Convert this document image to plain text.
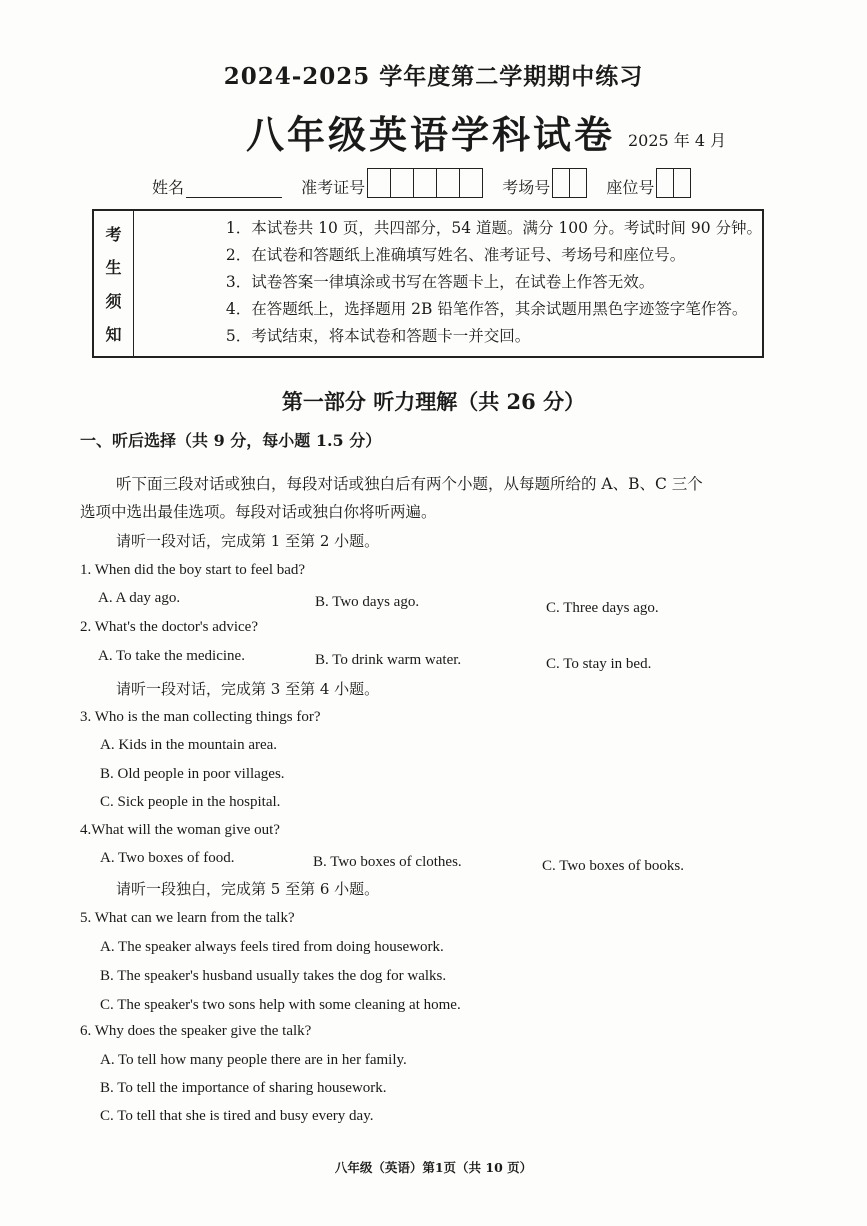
2024-2025 学年度第二学期期中练习
八年级英语学科试卷 2025 年 4 月
姓名
	准考证号
	考场号
	座位号
考
生
须
知
1．本试卷共 10 页，共四部分，54 道题。满分 100 分。考试时间 90 分钟。
2．在试卷和答题纸上准确填写姓名、准考证号、考场号和座位号。
3．试卷答案一律填涂或书写在答题卡上，在试卷上作答无效。
4．在答题纸上，选择题用 2B 铅笔作答，其余试题用黑色字迹签字笔作答。
5．考试结束，将本试卷和答题卡一并交回。
第一部分 听力理解（共 26 分）
一、听后选择（共 9 分，每小题 1.5 分）
听下面三段对话或独白，每段对话或独白后有两个小题，从每题所给的 A、B、C 三个
选项中选出最佳选项。每段对话或独白你将听两遍。
请听一段对话，完成第 1 至第 2 小题。
1. When did the boy start to feel bad?
A. A day ago.	B. Two days ago.	C. Three days ago.
2. What's the doctor's advice?
A. To take the medicine.	B. To drink warm water.	C. To stay in bed.
请听一段对话，完成第 3 至第 4 小题。
3. Who is the man collecting things for?
A. Kids in the mountain area.
B. Old people in poor villages.
C. Sick people in the hospital.
4.What will the woman give out?
A. Two boxes of food.	B. Two boxes of clothes.	C. Two boxes of books.
请听一段独白，完成第 5 至第 6 小题。
5. What can we learn from the talk?
A. The speaker always feels tired from doing housework.
B. The speaker's husband usually takes the dog for walks.
C. The speaker's two sons help with some cleaning at home.
6. Why does the speaker give the talk?
A. To tell how many people there are in her family.
B. To tell the importance of sharing housework.
C. To tell that she is tired and busy every day.
八年级（英语）第1页（共 10 页）
